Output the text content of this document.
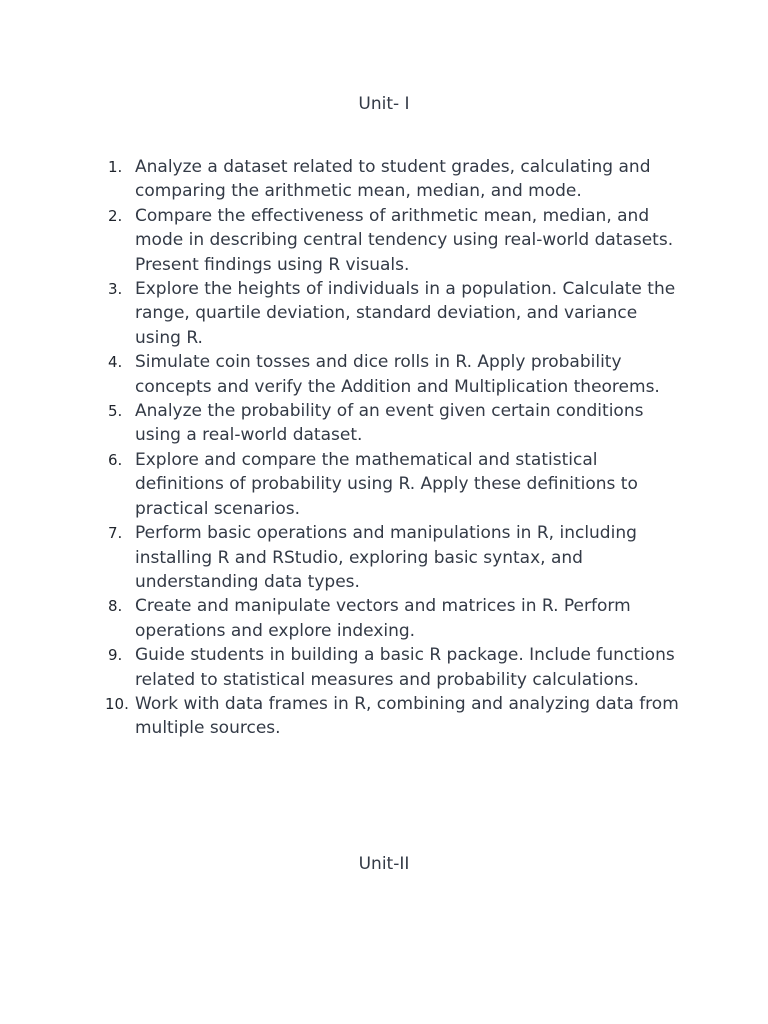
Unit- I
1. Analyze a dataset related to student grades, calculating and comparing the arithmetic mean, median, and mode.
2. Compare the effectiveness of arithmetic mean, median, and mode in describing central tendency using real-world datasets. Present findings using R visuals.
3. Explore the heights of individuals in a population. Calculate the range, quartile deviation, standard deviation, and variance using R.
4. Simulate coin tosses and dice rolls in R. Apply probability concepts and verify the Addition and Multiplication theorems.
5. Analyze the probability of an event given certain conditions using a real-world dataset.
6. Explore and compare the mathematical and statistical definitions of probability using R. Apply these definitions to practical scenarios.
7. Perform basic operations and manipulations in R, including installing R and RStudio, exploring basic syntax, and understanding data types.
8. Create and manipulate vectors and matrices in R. Perform operations and explore indexing.
9. Guide students in building a basic R package. Include functions related to statistical measures and probability calculations.
10. Work with data frames in R, combining and analyzing data from multiple sources.
Unit-II
